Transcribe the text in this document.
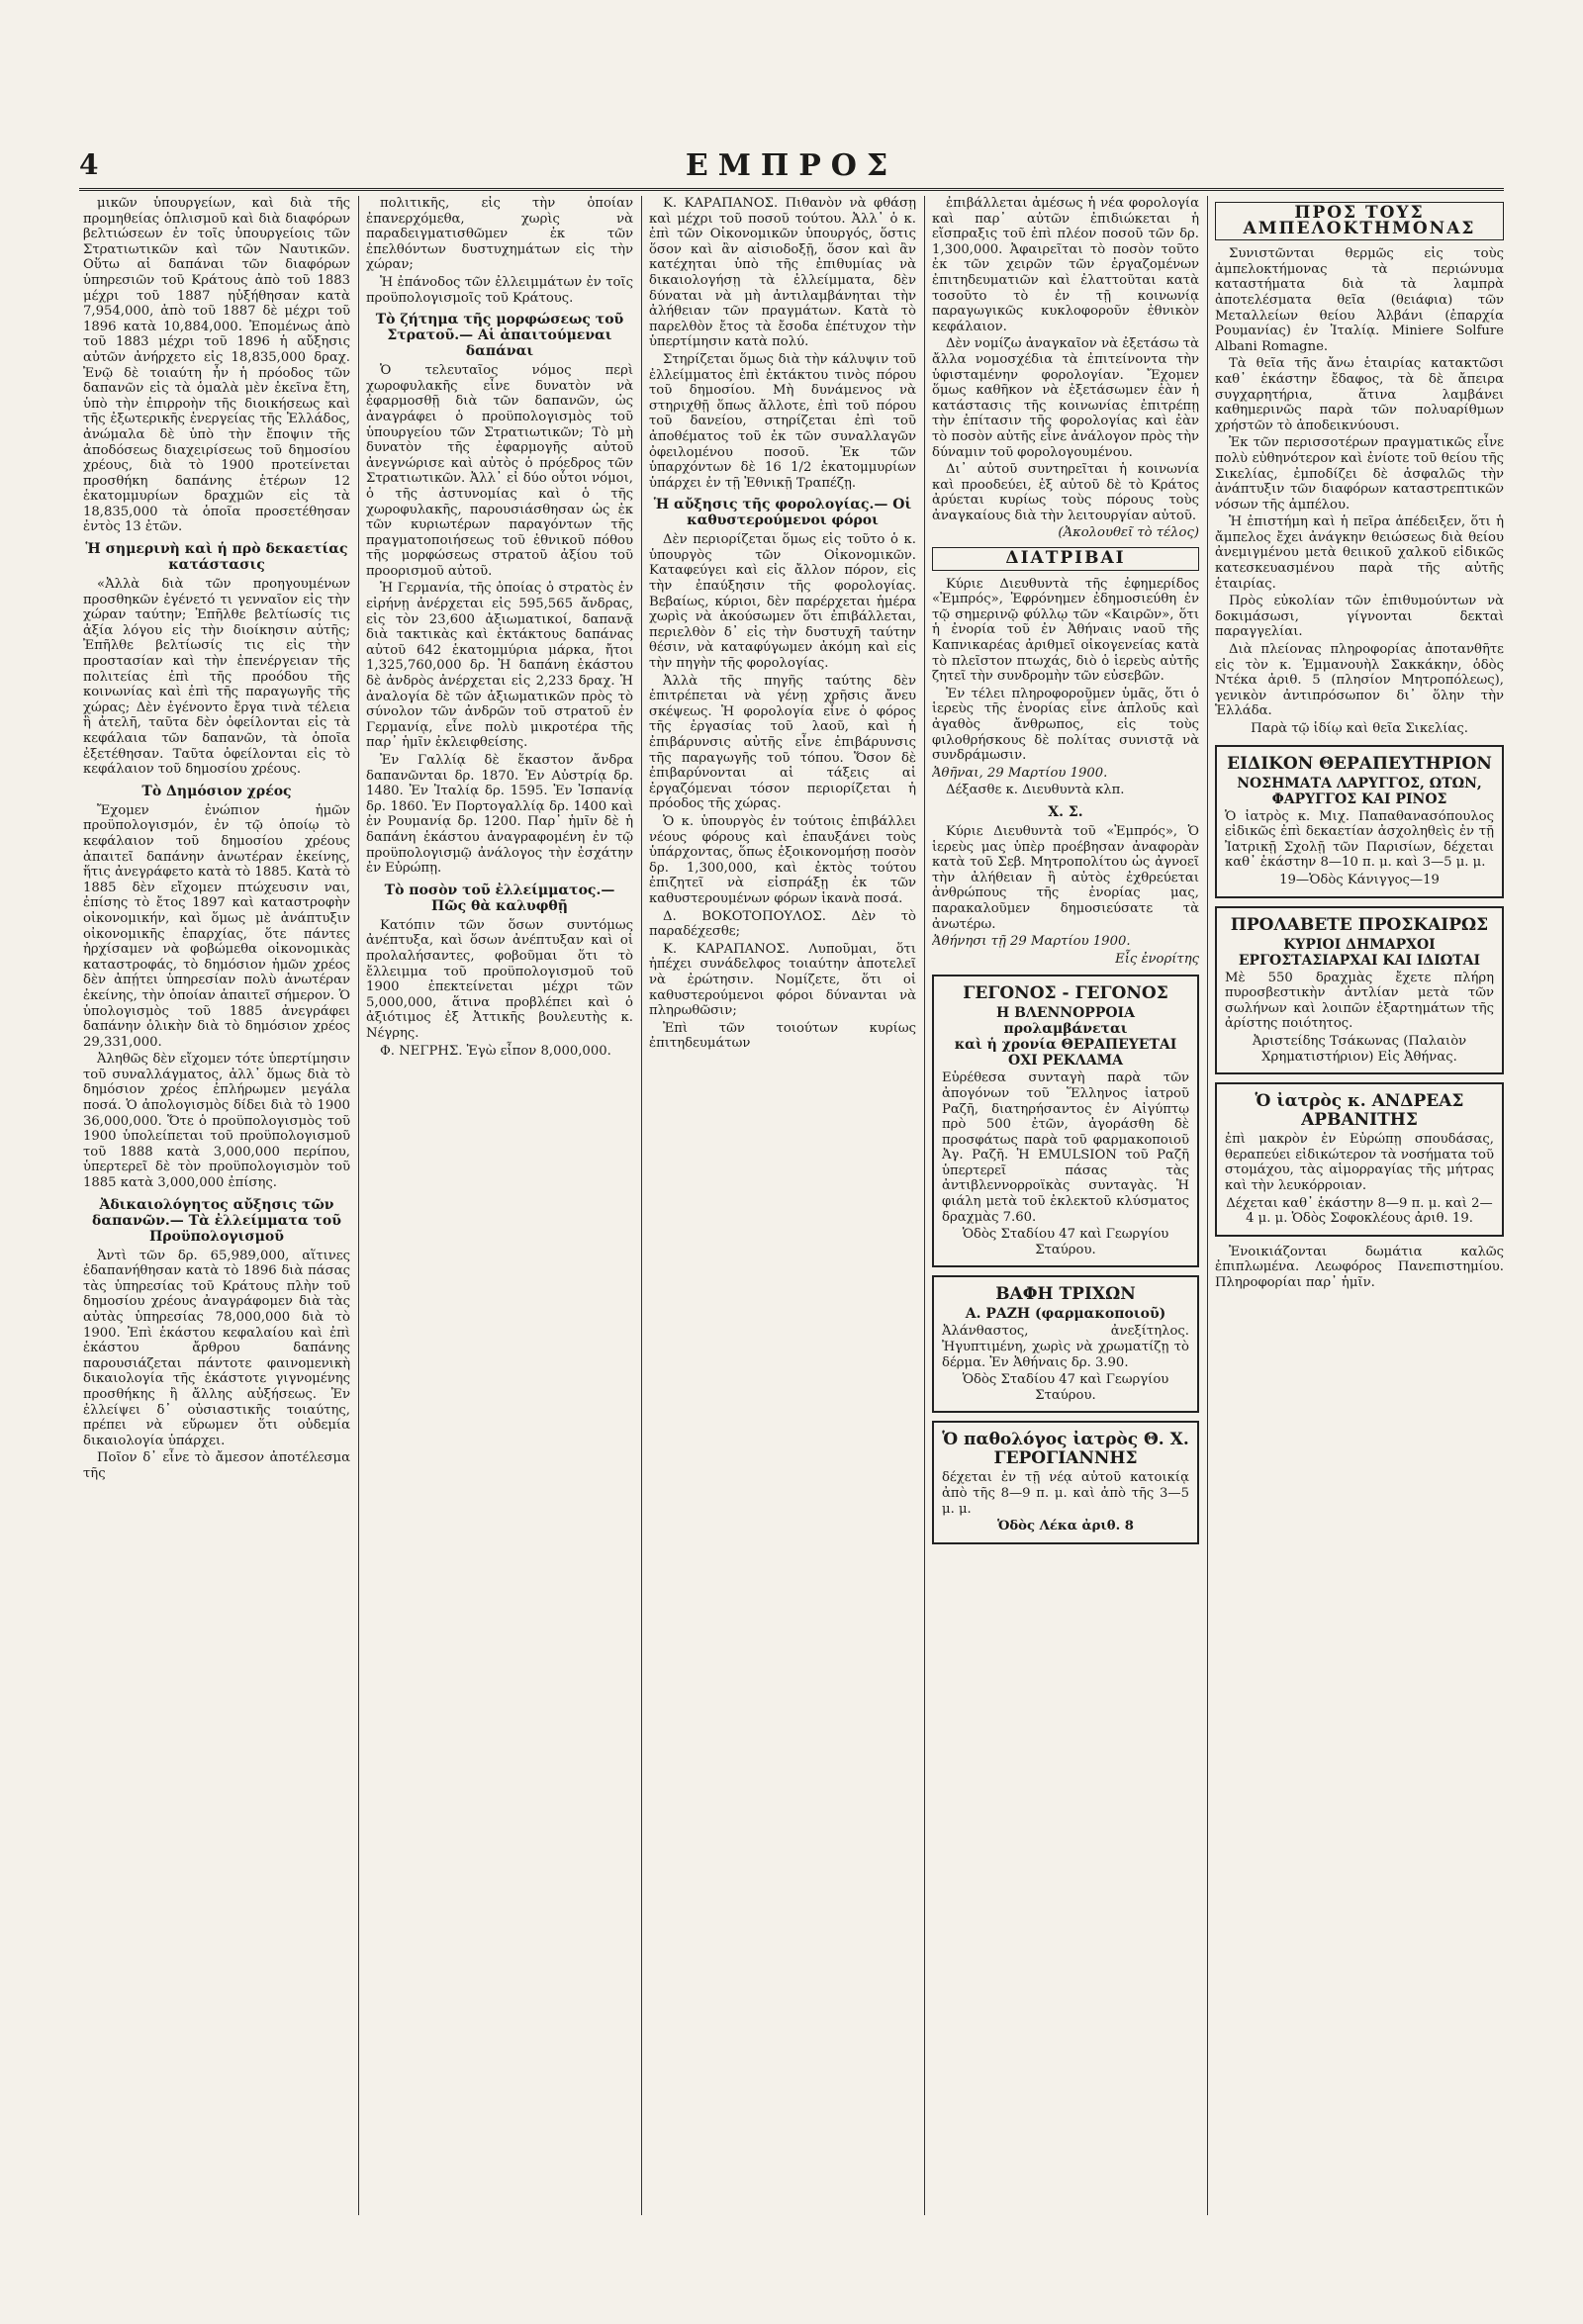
4	ΕΜΠΡΟΣ

μικῶν ὑπουργείων, καὶ διὰ τῆς προμηθείας ὁπλισμοῦ καὶ διὰ διαφόρων βελτιώσεων ἐν τοῖς ὑπουργείοις τῶν Στρατιωτικῶν καὶ τῶν Ναυτικῶν. Οὕτω αἱ δαπάναι τῶν διαφόρων ὑπηρεσιῶν τοῦ Κράτους ἀπὸ τοῦ 1883 μέχρι τοῦ 1887 ηὐξήθησαν κατὰ 7,954,000, ἀπὸ τοῦ 1887 δὲ μέχρι τοῦ 1896 κατὰ 10,884,000. Ἐπομένως ἀπὸ τοῦ 1883 μέχρι τοῦ 1896 ἡ αὔξησις αὐτῶν ἀνήρχετο εἰς 18,835,000 δραχ. Ἐνῷ δὲ τοιαύτη ἦν ἡ πρόοδος τῶν δαπανῶν εἰς τὰ ὁμαλὰ μὲν ἐκεῖνα ἔτη, ὑπὸ τὴν ἐπιρροὴν τῆς διοικήσεως καὶ τῆς ἐξωτερικῆς ἐνεργείας τῆς Ἑλλάδος, ἀνώμαλα δὲ ὑπὸ τὴν ἔποψιν τῆς ἀποδόσεως διαχειρίσεως τοῦ δημοσίου χρέους, διὰ τὸ 1900 προτείνεται προσθήκη δαπάνης ἑτέρων 12 ἑκατομμυρίων δραχμῶν εἰς τὰ 18,835,000 τὰ ὁποῖα προσετέθησαν ἐντὸς 13 ἐτῶν.

Ἡ σημερινὴ καὶ ἡ πρὸ δεκαετίας κατάστασις

«Ἀλλὰ διὰ τῶν προηγουμένων προσθηκῶν ἐγένετό τι γενναῖον εἰς τὴν χώραν ταύτην; Ἐπῆλθε βελτίωσίς τις ἀξία λόγου εἰς τὴν διοίκησιν αὐτῆς; Ἐπῆλθε βελτίωσίς τις εἰς τὴν προστασίαν καὶ τὴν ἐπενέργειαν τῆς πολιτείας ἐπὶ τῆς προόδου τῆς κοινωνίας καὶ ἐπὶ τῆς παραγωγῆς τῆς χώρας; Δὲν ἐγένοντο ἔργα τινὰ τέλεια ἢ ἀτελῆ, ταῦτα δὲν ὀφείλονται εἰς τὰ κεφάλαια τῶν δαπανῶν, τὰ ὁποῖα ἐξετέθησαν. Ταῦτα ὀφείλονται εἰς τὸ κεφάλαιον τοῦ δημοσίου χρέους.

Τὸ Δημόσιον χρέος

Ἔχομεν ἐνώπιον ἡμῶν προϋπολογισμόν, ἐν τῷ ὁποίῳ τὸ κεφάλαιον τοῦ δημοσίου χρέους ἀπαιτεῖ δαπάνην ἀνωτέραν ἐκείνης, ἥτις ἀνεγράφετο κατὰ τὸ 1885. Κατὰ τὸ 1885 δὲν εἴχομεν πτώχευσιν ναι, ἐπίσης τὸ ἔτος 1897 καὶ καταστροφὴν οἰκονομικήν, καὶ ὅμως μὲ ἀνάπτυξιν οἰκονομικῆς ἐπαρχίας, ὅτε πάντες ἠρχίσαμεν νὰ φοβώμεθα οἰκονομικὰς καταστροφάς, τὸ δημόσιον ἡμῶν χρέος δὲν ἀπῄτει ὑπηρεσίαν πολὺ ἀνωτέραν ἐκείνης, τὴν ὁποίαν ἀπαιτεῖ σήμερον. Ὁ ὑπολογισμὸς τοῦ 1885 ἀνεγράφει δαπάνην ὁλικὴν διὰ τὸ δημόσιον χρέος 29,331,000.

Ἀληθῶς δὲν εἴχομεν τότε ὑπερτίμησιν τοῦ συναλλάγματος, ἀλλ᾽ ὅμως διὰ τὸ δημόσιον χρέος ἐπλήρωμεν μεγάλα ποσά. Ὁ ἀπολογισμὸς δίδει διὰ τὸ 1900 36,000,000. Ὅτε ὁ προϋπολογισμὸς τοῦ 1900 ὑπολείπεται τοῦ προϋπολογισμοῦ τοῦ 1888 κατὰ 3,000,000 περίπου, ὑπερτερεῖ δὲ τὸν προϋπολογισμὸν τοῦ 1885 κατὰ 3,000,000 ἐπίσης.

Ἀδικαιολόγητος αὔξησις τῶν δαπανῶν.— Τὰ ἐλλείμματα τοῦ Προϋπολογισμοῦ

Ἀντὶ τῶν δρ. 65,989,000, αἵτινες ἐδαπανήθησαν κατὰ τὸ 1896 διὰ πάσας τὰς ὑπηρεσίας τοῦ Κράτους πλὴν τοῦ δημοσίου χρέους ἀναγράφομεν διὰ τὰς αὐτὰς ὑπηρεσίας 78,000,000 διὰ τὸ 1900. Ἐπὶ ἑκάστου κεφαλαίου καὶ ἐπὶ ἑκάστου ἄρθρου δαπάνης παρουσιάζεται πάντοτε φαινομενικὴ δικαιολογία τῆς ἑκάστοτε γιγνομένης προσθήκης ἢ ἄλλης αὐξήσεως. Ἐν ἐλλείψει δ᾽ οὐσιαστικῆς τοιαύτης, πρέπει νὰ εὕρωμεν ὅτι οὐδεμία δικαιολογία ὑπάρχει.

Ποῖον δ᾽ εἶνε τὸ ἄμεσον ἀποτέλεσμα τῆς

πολιτικῆς, εἰς τὴν ὁποίαν ἐπανερχόμεθα, χωρὶς νὰ παραδειγματισθῶμεν ἐκ τῶν ἐπελθόντων δυστυχημάτων εἰς τὴν χώραν;

Ἡ ἐπάνοδος τῶν ἐλλειμμάτων ἐν τοῖς προϋπολογισμοῖς τοῦ Κράτους.

Τὸ ζήτημα τῆς μορφώσεως τοῦ Στρατοῦ.— Αἱ ἀπαιτούμεναι δαπάναι

Ὁ τελευταῖος νόμος περὶ χωροφυλακῆς εἶνε δυνατὸν νὰ ἐφαρμοσθῇ διὰ τῶν δαπανῶν, ὡς ἀναγράφει ὁ προϋπολογισμὸς τοῦ ὑπουργείου τῶν Στρατιωτικῶν; Τὸ μὴ δυνατὸν τῆς ἐφαρμογῆς αὐτοῦ ἀνεγνώρισε καὶ αὐτὸς ὁ πρόεδρος τῶν Στρατιωτικῶν. Ἀλλ᾽ εἰ δύο οὗτοι νόμοι, ὁ τῆς ἀστυνομίας καὶ ὁ τῆς χωροφυλακῆς, παρουσιάσθησαν ὡς ἐκ τῶν κυριωτέρων παραγόντων τῆς πραγματοποιήσεως τοῦ ἐθνικοῦ πόθου τῆς μορφώσεως στρατοῦ ἀξίου τοῦ προορισμοῦ αὐτοῦ.

Ἡ Γερμανία, τῆς ὁποίας ὁ στρατὸς ἐν εἰρήνῃ ἀνέρχεται εἰς 595,565 ἄνδρας, εἰς τὸν 23,600 ἀξιωματικοί, δαπανᾷ διὰ τακτικὰς καὶ ἐκτάκτους δαπάνας αὐτοῦ 642 ἑκατομμύρια μάρκα, ἤτοι 1,325,760,000 δρ. Ἡ δαπάνη ἑκάστου δὲ ἀνδρὸς ἀνέρχεται εἰς 2,233 δραχ. Ἡ ἀναλογία δὲ τῶν ἀξιωματικῶν πρὸς τὸ σύνολον τῶν ἀνδρῶν τοῦ στρατοῦ ἐν Γερμανίᾳ, εἶνε πολὺ μικροτέρα τῆς παρ᾽ ἡμῖν ἐκλειφθείσης.

Ἐν Γαλλίᾳ δὲ ἕκαστον ἄνδρα δαπανῶνται δρ. 1870. Ἐν Αὐστρίᾳ δρ. 1480. Ἐν Ἰταλίᾳ δρ. 1595. Ἐν Ἰσπανίᾳ δρ. 1860. Ἐν Πορτογαλλίᾳ δρ. 1400 καὶ ἐν Ρουμανίᾳ δρ. 1200. Παρ᾽ ἡμῖν δὲ ἡ δαπάνη ἑκάστου ἀναγραφομένη ἐν τῷ προϋπολογισμῷ ἀνάλογος τὴν ἐσχάτην ἐν Εὐρώπῃ.

Τὸ ποσὸν τοῦ ἐλλείμματος.— Πῶς θὰ καλυφθῇ

Κατόπιν τῶν ὅσων συντόμως ἀνέπτυξα, καὶ ὅσων ἀνέπτυξαν καὶ οἱ προλαλήσαντες, φοβοῦμαι ὅτι τὸ ἔλλειμμα τοῦ προϋπολογισμοῦ τοῦ 1900 ἐπεκτείνεται μέχρι τῶν 5,000,000, ἅτινα προβλέπει καὶ ὁ ἀξιότιμος ἐξ Ἀττικῆς βουλευτὴς κ. Νέγρης.

Φ. ΝΕΓΡΗΣ. Ἐγὼ εἶπον 8,000,000.

Κ. ΚΑΡΑΠΑΝΟΣ. Πιθανὸν νὰ φθάσῃ καὶ μέχρι τοῦ ποσοῦ τούτου. Ἀλλ᾽ ὁ κ. ἐπὶ τῶν Οἰκονομικῶν ὑπουργός, ὅστις ὅσον καὶ ἂν αἰσιοδοξῇ, ὅσον καὶ ἂν κατέχηται ὑπὸ τῆς ἐπιθυμίας νὰ δικαιολογήσῃ τὰ ἐλλείμματα, δὲν δύναται νὰ μὴ ἀντιλαμβάνηται τὴν ἀλήθειαν τῶν πραγμάτων. Κατὰ τὸ παρελθὸν ἔτος τὰ ἔσοδα ἐπέτυχον τὴν ὑπερτίμησιν κατὰ πολύ.

Στηρίζεται ὅμως διὰ τὴν κάλυψιν τοῦ ἐλλείμματος ἐπὶ ἐκτάκτου τινὸς πόρου τοῦ δημοσίου. Μὴ δυνάμενος νὰ στηριχθῇ ὅπως ἄλλοτε, ἐπὶ τοῦ πόρου τοῦ δανείου, στηρίζεται ἐπὶ τοῦ ἀποθέματος τοῦ ἐκ τῶν συναλλαγῶν ὀφειλομένου ποσοῦ. Ἐκ τῶν ὑπαρχόντων δὲ 16 1/2 ἑκατομμυρίων ὑπάρχει ἐν τῇ Ἐθνικῇ Τραπέζῃ.

Ἡ αὔξησις τῆς φορολογίας.— Οἱ καθυστερούμενοι φόροι

Δὲν περιορίζεται ὅμως εἰς τοῦτο ὁ κ. ὑπουργὸς τῶν Οἰκονομικῶν. Καταφεύγει καὶ εἰς ἄλλον πόρον, εἰς τὴν ἐπαύξησιν τῆς φορολογίας. Βεβαίως, κύριοι, δὲν παρέρχεται ἡμέρα χωρὶς νὰ ἀκούσωμεν ὅτι ἐπιβάλλεται, περιελθὸν δ᾽ εἰς τὴν δυστυχῆ ταύτην θέσιν, νὰ καταφύγωμεν ἀκόμη καὶ εἰς τὴν πηγὴν τῆς φορολογίας.

Ἀλλὰ τῆς πηγῆς ταύτης δὲν ἐπιτρέπεται νὰ γένῃ χρῆσις ἄνευ σκέψεως. Ἡ φορολογία εἶνε ὁ φόρος τῆς ἐργασίας τοῦ λαοῦ, καὶ ἡ ἐπιβάρυνσις αὐτῆς εἶνε ἐπιβάρυνσις τῆς παραγωγῆς τοῦ τόπου. Ὅσον δὲ ἐπιβαρύνονται αἱ τάξεις αἱ ἐργαζόμεναι τόσον περιορίζεται ἡ πρόοδος τῆς χώρας.

Ὁ κ. ὑπουργὸς ἐν τούτοις ἐπιβάλλει νέους φόρους καὶ ἐπαυξάνει τοὺς ὑπάρχοντας, ὅπως ἐξοικονομήσῃ ποσὸν δρ. 1,300,000, καὶ ἐκτὸς τούτου ἐπιζητεῖ νὰ εἰσπράξῃ ἐκ τῶν καθυστερουμένων φόρων ἱκανὰ ποσά.

Δ. ΒΟΚΟΤΟΠΟΥΛΟΣ. Δὲν τὸ παραδέχεσθε;

Κ. ΚΑΡΑΠΑΝΟΣ. Λυποῦμαι, ὅτι ἠπέχει συνάδελφος τοιαύτην ἀποτελεῖ νὰ ἐρώτησιν. Νομίζετε, ὅτι οἱ καθυστερούμενοι φόροι δύνανται νὰ πληρωθῶσιν;

Ἐπὶ τῶν τοιούτων κυρίως ἐπιτηδευμάτων

ἐπιβάλλεται ἀμέσως ἡ νέα φορολογία καὶ παρ᾽ αὐτῶν ἐπιδιώκεται ἡ εἴσπραξις τοῦ ἐπὶ πλέον ποσοῦ τῶν δρ. 1,300,000. Ἀφαιρεῖται τὸ ποσὸν τοῦτο ἐκ τῶν χειρῶν τῶν ἐργαζομένων ἐπιτηδευματιῶν καὶ ἐλαττοῦται κατὰ τοσοῦτο τὸ ἐν τῇ κοινωνίᾳ παραγωγικῶς κυκλοφοροῦν ἐθνικὸν κεφάλαιον.

Δὲν νομίζω ἀναγκαῖον νὰ ἐξετάσω τὰ ἄλλα νομοσχέδια τὰ ἐπιτείνοντα τὴν ὑφισταμένην φορολογίαν. Ἔχομεν ὅμως καθῆκον νὰ ἐξετάσωμεν ἐὰν ἡ κατάστασις τῆς κοινωνίας ἐπιτρέπῃ τὴν ἐπίτασιν τῆς φορολογίας καὶ ἐὰν τὸ ποσὸν αὐτῆς εἶνε ἀνάλογον πρὸς τὴν δύναμιν τοῦ φορολογουμένου.

Δι᾽ αὐτοῦ συντηρεῖται ἡ κοινωνία καὶ προοδεύει, ἐξ αὐτοῦ δὲ τὸ Κράτος ἀρύεται κυρίως τοὺς πόρους τοὺς ἀναγκαίους διὰ τὴν λειτουργίαν αὐτοῦ.

(Ἀκολουθεῖ τὸ τέλος)

ΔΙΑΤΡΙΒΑΙ

Κύριε Διευθυντὰ τῆς ἐφημερίδος «Ἐμπρός», Ἐφρόνημεν ἐδημοσιεύθη ἐν τῷ σημερινῷ φύλλῳ τῶν «Καιρῶν», ὅτι ἡ ἐνορία τοῦ ἐν Ἀθήναις ναοῦ τῆς Καπνικαρέας ἀριθμεῖ οἰκογενείας κατὰ τὸ πλεῖστον πτωχάς, διὸ ὁ ἱερεὺς αὐτῆς ζητεῖ τὴν συνδρομὴν τῶν εὐσεβῶν.

Ἐν τέλει πληροφοροῦμεν ὑμᾶς, ὅτι ὁ ἱερεὺς τῆς ἐνορίας εἶνε ἁπλοῦς καὶ ἀγαθὸς ἄνθρωπος, εἰς τοὺς φιλοθρήσκους δὲ πολίτας συνιστᾷ νὰ συνδράμωσιν.

Ἀθῆναι, 29 Μαρτίου 1900.

Δέξασθε κ. Διευθυντὰ κλπ.

Χ. Σ.

Κύριε Διευθυντὰ τοῦ «Ἐμπρός», Ὁ ἱερεὺς μας ὑπὲρ προέβησαν ἀναφορὰν κατὰ τοῦ Σεβ. Μητροπολίτου ὡς ἀγνοεῖ τὴν ἀλήθειαν ἢ αὐτὸς ἐχθρεύεται ἀνθρώπους τῆς ἐνορίας μας, παρακαλοῦμεν δημοσιεύσατε τὰ ἀνωτέρω.

Ἀθήνησι τῇ 29 Μαρτίου 1900.

Εἷς ἐνορίτης

ΓΕΓΟΝΟΣ - ΓΕΓΟΝΟΣ
Η ΒΛΕΝΝΟΡΡΟΙΑ προλαμβάνεται
καὶ ἡ χρονία ΘΕΡΑΠΕΥΕΤΑΙ
ΟΧΙ ΡΕΚΛΑΜΑ

Εὑρέθεσα συνταγὴ παρὰ τῶν ἀπογόνων τοῦ Ἕλληνος ἰατροῦ Ραζῆ, διατηρήσαντος ἐν Αἰγύπτῳ πρὸ 500 ἐτῶν, ἀγοράσθη δὲ προσφάτως παρὰ τοῦ φαρμακοποιοῦ Ἀγ. Ραζῆ. Ἡ EMULSION τοῦ Ραζῆ ὑπερτερεῖ πάσας τὰς ἀντιβλεννορροϊκὰς συνταγὰς. Ἡ φιάλη μετὰ τοῦ ἐκλεκτοῦ κλύσματος δραχμὰς 7.60.

Ὁδὸς Σταδίου 47 καὶ Γεωργίου Σταύρου.

ΒΑΦΗ ΤΡΙΧΩΝ
Α. ΡΑΖΗ (φαρμακοποιοῦ)

Ἀλάνθαστος, ἀνεξίτηλος. Ἠγυπτιμένη, χωρὶς νὰ χρωματίζῃ τὸ δέρμα. Ἐν Ἀθήναις δρ. 3.90.

Ὁδὸς Σταδίου 47 καὶ Γεωργίου Σταύρου.

Ὁ παθολόγος ἰατρὸς Θ. Χ. ΓΕΡΟΓΙΑΝΝΗΣ

δέχεται ἐν τῇ νέᾳ αὐτοῦ κατοικίᾳ ἀπὸ τῆς 8—9 π. μ. καὶ ἀπὸ τῆς 3—5 μ. μ.

Ὁδὸς Λέκα ἀριθ. 8

ΠΡΟΣ ΤΟΥΣ ΑΜΠΕΛΟΚΤΗΜΟΝΑΣ

Συνιστῶνται θερμῶς εἰς τοὺς ἀμπελοκτήμονας τὰ περιώνυμα καταστήματα διὰ τὰ λαμπρὰ ἀποτελέσματα θεῖα (θειάφια) τῶν Μεταλλείων θείου Ἀλβάνι (ἐπαρχία Ρουμανίας) ἐν Ἰταλίᾳ. Miniere Solfure Albani Romagne.

Τὰ θεῖα τῆς ἄνω ἑταιρίας κατακτῶσι καθ᾽ ἑκάστην ἔδαφος, τὰ δὲ ἄπειρα συγχαρητήρια, ἅτινα λαμβάνει καθημερινῶς παρὰ τῶν πολυαρίθμων χρήστῶν τὸ ἀποδεικνύουσι.

Ἐκ τῶν περισσοτέρων πραγματικῶς εἶνε πολὺ εὐθηνότερον καὶ ἐνίοτε τοῦ θείου τῆς Σικελίας, ἐμποδίζει δὲ ἀσφαλῶς τὴν ἀνάπτυξιν τῶν διαφόρων καταστρεπτικῶν νόσων τῆς ἀμπέλου.

Ἡ ἐπιστήμη καὶ ἡ πεῖρα ἀπέδειξεν, ὅτι ἡ ἄμπελος ἔχει ἀνάγκην θειώσεως διὰ θείου ἀνεμιγμένου μετὰ θειικοῦ χαλκοῦ εἰδικῶς κατεσκευασμένου παρὰ τῆς αὐτῆς ἑταιρίας.

Πρὸς εὐκολίαν τῶν ἐπιθυμούντων νὰ δοκιμάσωσι, γίγνονται δεκταὶ παραγγελίαι.

Διὰ πλείονας πληροφορίας ἀποτανθῆτε εἰς τὸν κ. Ἐμμανουὴλ Σακκάκην, ὁδὸς Ντέκα ἀριθ. 5 (πλησίον Μητροπόλεως), γενικὸν ἀντιπρόσωπον δι᾽ ὅλην τὴν Ἑλλάδα.

Παρὰ τῷ ἰδίῳ καὶ θεῖα Σικελίας.

ΕΙΔΙΚΟΝ ΘΕΡΑΠΕΥΤΗΡΙΟΝ
ΝΟΣΗΜΑΤΑ ΛΑΡΥΓΓΟΣ, ΩΤΩΝ, ΦΑΡΥΓΓΟΣ ΚΑΙ ΡΙΝΟΣ

Ὁ ἰατρὸς κ. Μιχ. Παπαθανασόπουλος εἰδικῶς ἐπὶ δεκαετίαν ἀσχοληθεὶς ἐν τῇ Ἰατρικῇ Σχολῇ τῶν Παρισίων, δέχεται καθ᾽ ἑκάστην 8—10 π. μ. καὶ 3—5 μ. μ.

19—Ὁδὸς Κάνιγγος—19

ΠΡΟΛΑΒΕΤΕ ΠΡΟΣΚΑΙΡΩΣ
ΚΥΡΙΟΙ ΔΗΜΑΡΧΟΙ ΕΡΓΟΣΤΑΣΙΑΡΧΑΙ ΚΑΙ ΙΔΙΩΤΑΙ

Μὲ 550 δραχμὰς ἔχετε πλήρη πυροσβεστικὴν ἀντλίαν μετὰ τῶν σωλήνων καὶ λοιπῶν ἐξαρτημάτων τῆς ἀρίστης ποιότητος.

Ἀριστείδης Τσάκωνας (Παλαιὸν Χρηματιστήριον) Εἰς Ἀθήνας.

Ὁ ἰατρὸς κ. ΑΝΔΡΕΑΣ ΑΡΒΑΝΙΤΗΣ

ἐπὶ μακρὸν ἐν Εὐρώπῃ σπουδάσας, θεραπεύει εἰδικώτερον τὰ νοσήματα τοῦ στομάχου, τὰς αἱμορραγίας τῆς μήτρας καὶ τὴν λευκόρροιαν.

Δέχεται καθ᾽ ἑκάστην 8—9 π. μ. καὶ 2—4 μ. μ. Ὁδὸς Σοφοκλέους ἀριθ. 19.

Ἐνοικιάζονται δωμάτια καλῶς ἐπιπλωμένα. Λεωφόρος Πανεπιστημίου. Πληροφορίαι παρ᾽ ἡμῖν.
